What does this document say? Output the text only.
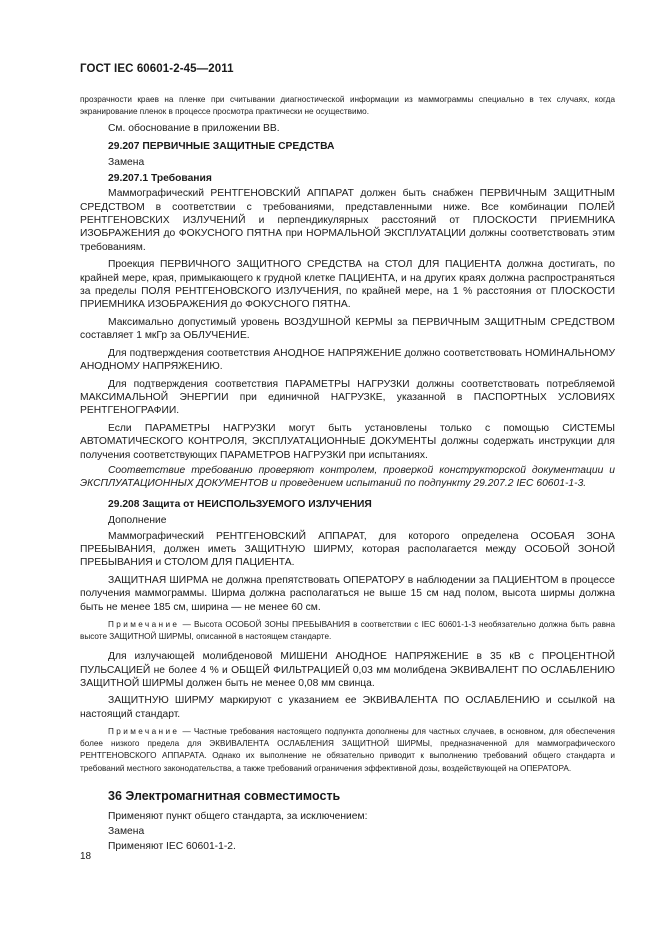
ГОСТ IEC 60601-2-45—2011

прозрачности краев на пленке при считывании диагностической информации из маммограммы специально в тех случаях, когда экранирование пленок в процессе просмотра практически не осуществимо.

См. обоснование в приложении ВВ.

29.207 ПЕРВИЧНЫЕ ЗАЩИТНЫЕ СРЕДСТВА

Замена

29.207.1 Требования

Маммографический РЕНТГЕНОВСКИЙ АППАРАТ должен быть снабжен ПЕРВИЧНЫМ ЗАЩИТНЫМ СРЕДСТВОМ в соответствии с требованиями, представленными ниже. Все комбинации ПОЛЕЙ РЕНТГЕНОВСКИХ ИЗЛУЧЕНИЙ и перпендикулярных расстояний от ПЛОСКОСТИ ПРИЕМНИКА ИЗОБРАЖЕНИЯ до ФОКУСНОГО ПЯТНА при НОРМАЛЬНОЙ ЭКСПЛУАТАЦИИ должны соответствовать этим требованиям.

Проекция ПЕРВИЧНОГО ЗАЩИТНОГО СРЕДСТВА на СТОЛ ДЛЯ ПАЦИЕНТА должна достигать, по крайней мере, края, примыкающего к грудной клетке ПАЦИЕНТА, и на других краях должна распространяться за пределы ПОЛЯ РЕНТГЕНОВСКОГО ИЗЛУЧЕНИЯ, по крайней мере, на 1 % расстояния от ПЛОСКОСТИ ПРИЕМНИКА ИЗОБРАЖЕНИЯ до ФОКУСНОГО ПЯТНА.

Максимально допустимый уровень ВОЗДУШНОЙ КЕРМЫ за ПЕРВИЧНЫМ ЗАЩИТНЫМ СРЕДСТВОМ составляет 1 мкГр за ОБЛУЧЕНИЕ.

Для подтверждения соответствия АНОДНОЕ НАПРЯЖЕНИЕ должно соответствовать НОМИНАЛЬНОМУ АНОДНОМУ НАПРЯЖЕНИЮ.

Для подтверждения соответствия ПАРАМЕТРЫ НАГРУЗКИ должны соответствовать потребляемой МАКСИМАЛЬНОЙ ЭНЕРГИИ при единичной НАГРУЗКЕ, указанной в ПАСПОРТНЫХ УСЛОВИЯХ РЕНТГЕНОГРАФИИ.

Если ПАРАМЕТРЫ НАГРУЗКИ могут быть установлены только с помощью СИСТЕМЫ АВТОМАТИЧЕСКОГО КОНТРОЛЯ, ЭКСПЛУАТАЦИОННЫЕ ДОКУМЕНТЫ должны содержать инструкции для получения соответствующих ПАРАМЕТРОВ НАГРУЗКИ при испытаниях.

Соответствие требованию проверяют контролем, проверкой конструкторской документации и ЭКСПЛУАТАЦИОННЫХ ДОКУМЕНТОВ и проведением испытаний по подпункту 29.207.2 IEC 60601-1-3.

29.208 Защита от НЕИСПОЛЬЗУЕМОГО ИЗЛУЧЕНИЯ

Дополнение

Маммографический РЕНТГЕНОВСКИЙ АППАРАТ, для которого определена ОСОБАЯ ЗОНА ПРЕБЫВАНИЯ, должен иметь ЗАЩИТНУЮ ШИРМУ, которая располагается между ОСОБОЙ ЗОНОЙ ПРЕБЫВАНИЯ и СТОЛОМ ДЛЯ ПАЦИЕНТА.

ЗАЩИТНАЯ ШИРМА не должна препятствовать ОПЕРАТОРУ в наблюдении за ПАЦИЕНТОМ в процессе получения маммограммы. Ширма должна располагаться не выше 15 см над полом, высота ширмы должна быть не менее 185 см, ширина — не менее 60 см.

Примечание — Высота ОСОБОЙ ЗОНЫ ПРЕБЫВАНИЯ в соответствии с IEC 60601-1-3 необязательно должна быть равна высоте ЗАЩИТНОЙ ШИРМЫ, описанной в настоящем стандарте.

Для излучающей молибденовой МИШЕНИ АНОДНОЕ НАПРЯЖЕНИЕ в 35 кВ с ПРОЦЕНТНОЙ ПУЛЬСАЦИЕЙ не более 4 % и ОБЩЕЙ ФИЛЬТРАЦИЕЙ 0,03 мм молибдена ЭКВИВАЛЕНТ ПО ОСЛАБЛЕНИЮ ЗАЩИТНОЙ ШИРМЫ должен быть не менее 0,08 мм свинца.

ЗАЩИТНУЮ ШИРМУ маркируют с указанием ее ЭКВИВАЛЕНТА ПО ОСЛАБЛЕНИЮ и ссылкой на настоящий стандарт.

Примечание — Частные требования настоящего подпункта дополнены для частных случаев, в основном, для обеспечения более низкого предела для ЭКВИВАЛЕНТА ОСЛАБЛЕНИЯ ЗАЩИТНОЙ ШИРМЫ, предназначенной для маммографического РЕНТГЕНОВСКОГО АППАРАТА. Однако их выполнение не обязательно приводит к выполнению требований общего стандарта и требований местного законодательства, а также требований ограничения эффективной дозы, воздействующей на ОПЕРАТОРА.

36 Электромагнитная совместимость

Применяют пункт общего стандарта, за исключением:

Замена

Применяют IEC 60601-1-2.

18
